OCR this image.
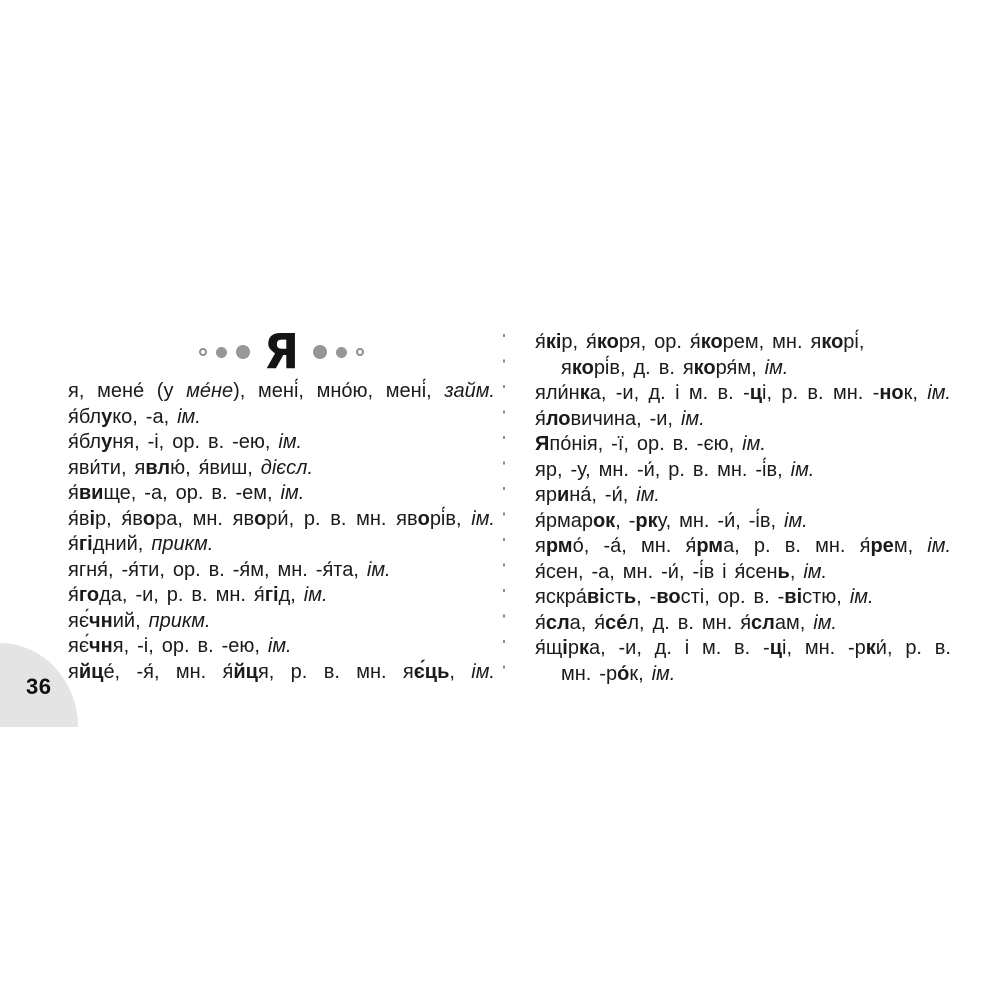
Я
я, мене́ (у ме́не), мені́, мно́ю, мені́, займ.
я́блуко, -а, ім.
я́блуня, -і, ор. в. -ею, ім.
яви́ти, явлю́, я́виш, дієсл.
я́вище, -а, ор. в. -ем, ім.
я́вір, я́вора, мн. явори́, р. в. мн. яворі́в, ім.
я́гідний, прикм.
ягня́, -я́ти, ор. в. -я́м, мн. -я́та, ім.
я́года, -и, р. в. мн. я́гід, ім.
яє́чний, прикм.
яє́чня, -і, ор. в. -ею, ім.
яйце́, -я́, мн. я́йця, р. в. мн. яє́ць, ім.
я́кір, я́коря, ор. я́корем, мн. якорі́,
якорі́в, д. в. якоря́м, ім.
яли́нка, -и, д. і м. в. -ці, р. в. мн. -нок, ім.
я́ловичина, -и, ім.
Япо́нія, -ї, ор. в. -єю, ім.
яр, -у, мн. -и́, р. в. мн. -і́в, ім.
ярина́, -и́, ім.
я́рмарок, -рку, мн. -и́, -і́в, ім.
ярмо́, -а́, мн. я́рма, р. в. мн. я́рем, ім.
я́сен, -а, мн. -и́, -і́в і я́сень, ім.
яскра́вість, -вості, ор. в. -вістю, ім.
я́сла, я́се́л, д. в. мн. я́слам, ім.
я́щірка, -и, д. і м. в. -ці, мн. -рки́, р. в.
мн. -ро́к, ім.
36
